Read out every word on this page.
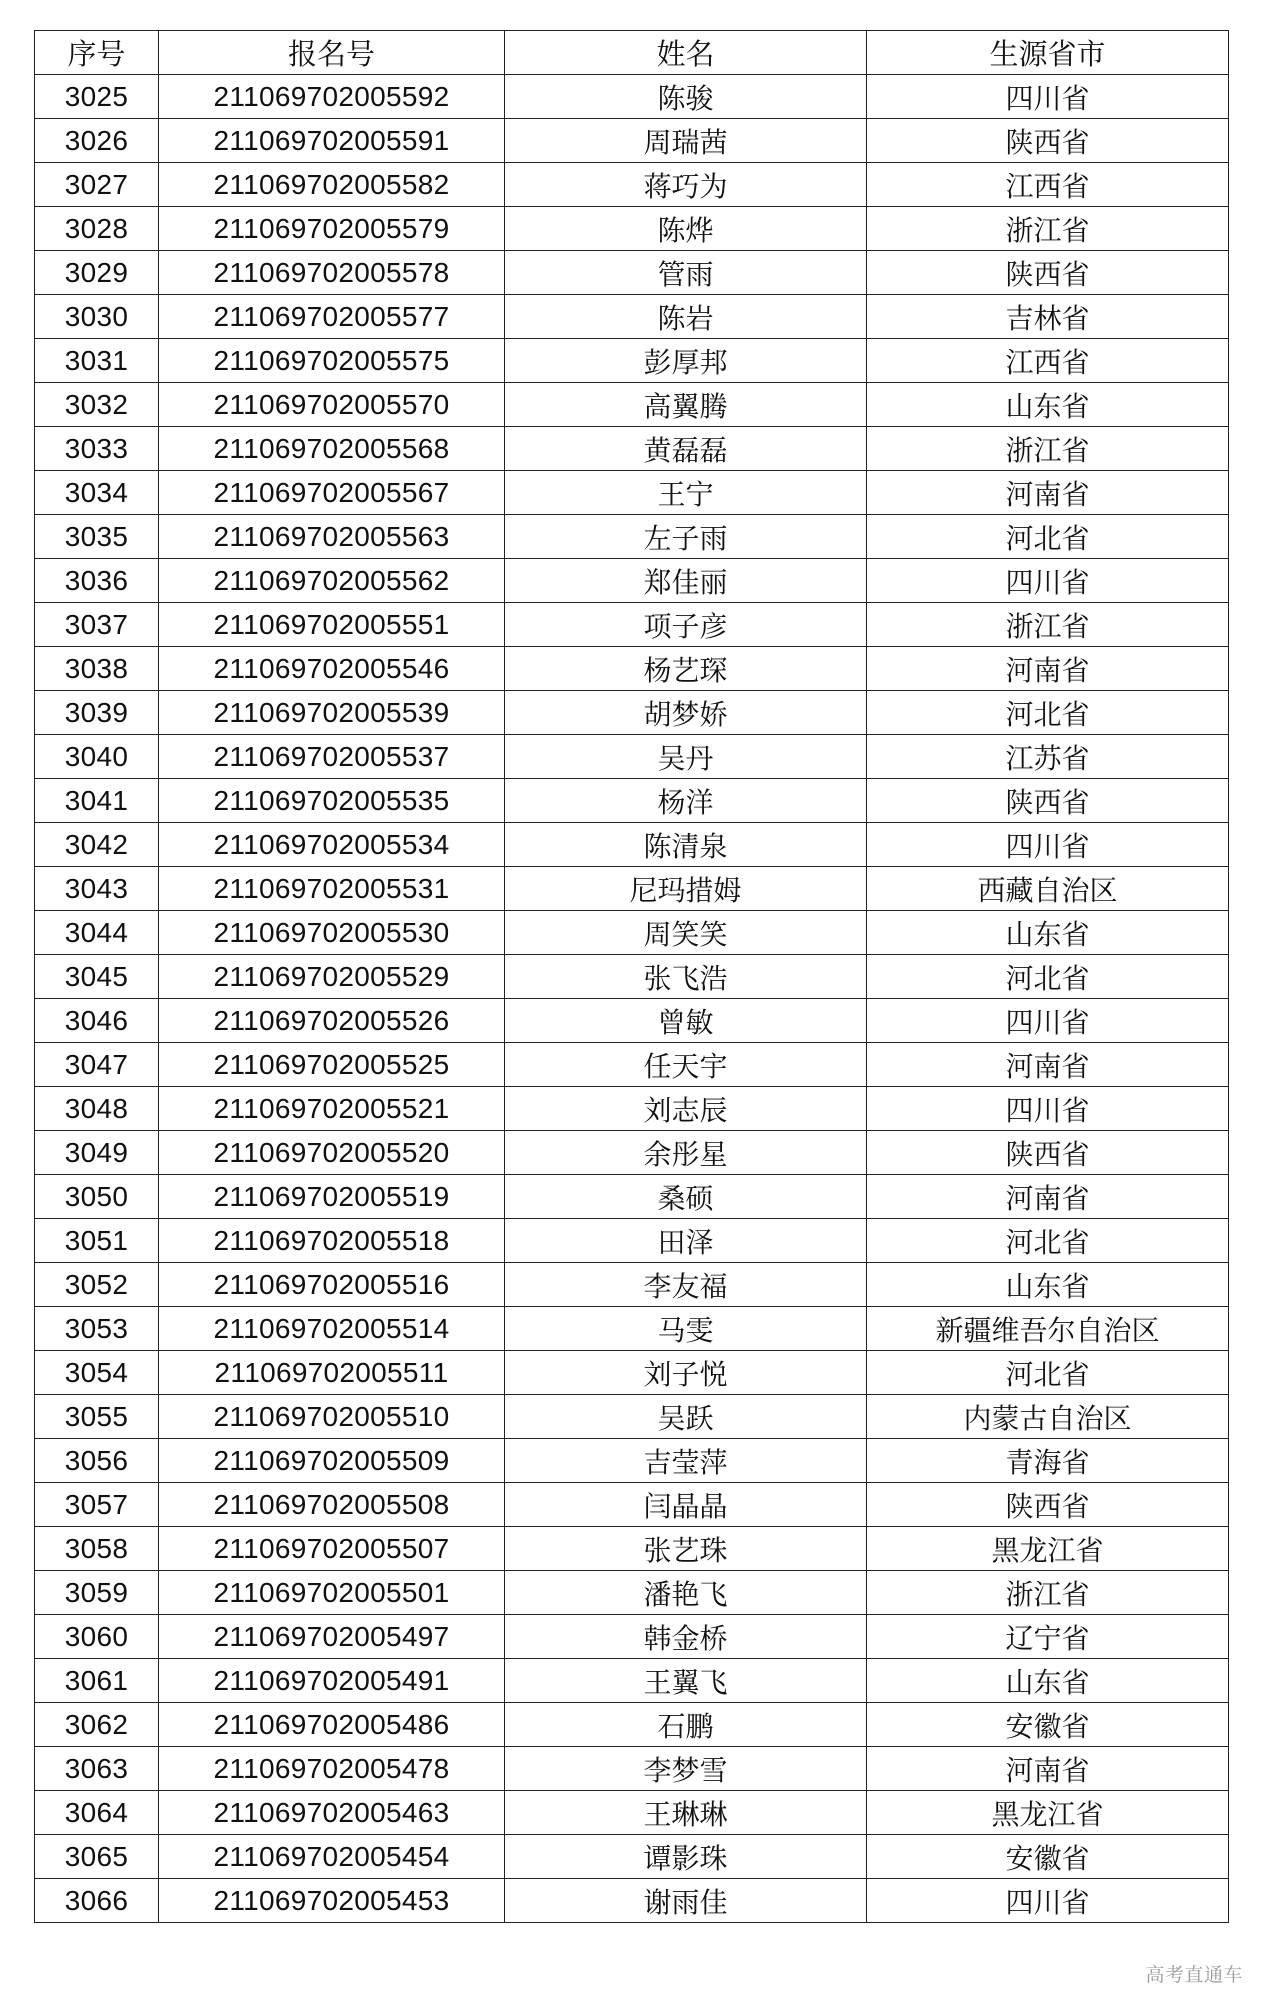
序号	报名号	姓名	生源省市
3025	211069702005592	陈骏	四川省
3026	211069702005591	周瑞茜	陕西省
3027	211069702005582	蒋巧为	江西省
3028	211069702005579	陈烨	浙江省
3029	211069702005578	管雨	陕西省
3030	211069702005577	陈岩	吉林省
3031	211069702005575	彭厚邦	江西省
3032	211069702005570	高翼腾	山东省
3033	211069702005568	黄磊磊	浙江省
3034	211069702005567	王宁	河南省
3035	211069702005563	左子雨	河北省
3036	211069702005562	郑佳丽	四川省
3037	211069702005551	项子彦	浙江省
3038	211069702005546	杨艺琛	河南省
3039	211069702005539	胡梦娇	河北省
3040	211069702005537	吴丹	江苏省
3041	211069702005535	杨洋	陕西省
3042	211069702005534	陈清泉	四川省
3043	211069702005531	尼玛措姆	西藏自治区
3044	211069702005530	周笑笑	山东省
3045	211069702005529	张飞浩	河北省
3046	211069702005526	曾敏	四川省
3047	211069702005525	任天宇	河南省
3048	211069702005521	刘志辰	四川省
3049	211069702005520	余彤星	陕西省
3050	211069702005519	桑硕	河南省
3051	211069702005518	田泽	河北省
3052	211069702005516	李友福	山东省
3053	211069702005514	马雯	新疆维吾尔自治区
3054	211069702005511	刘子悦	河北省
3055	211069702005510	吴跃	内蒙古自治区
3056	211069702005509	吉莹萍	青海省
3057	211069702005508	闫晶晶	陕西省
3058	211069702005507	张艺珠	黑龙江省
3059	211069702005501	潘艳飞	浙江省
3060	211069702005497	韩金桥	辽宁省
3061	211069702005491	王翼飞	山东省
3062	211069702005486	石鹏	安徽省
3063	211069702005478	李梦雪	河南省
3064	211069702005463	王琳琳	黑龙江省
3065	211069702005454	谭影珠	安徽省
3066	211069702005453	谢雨佳	四川省
高考直通车
